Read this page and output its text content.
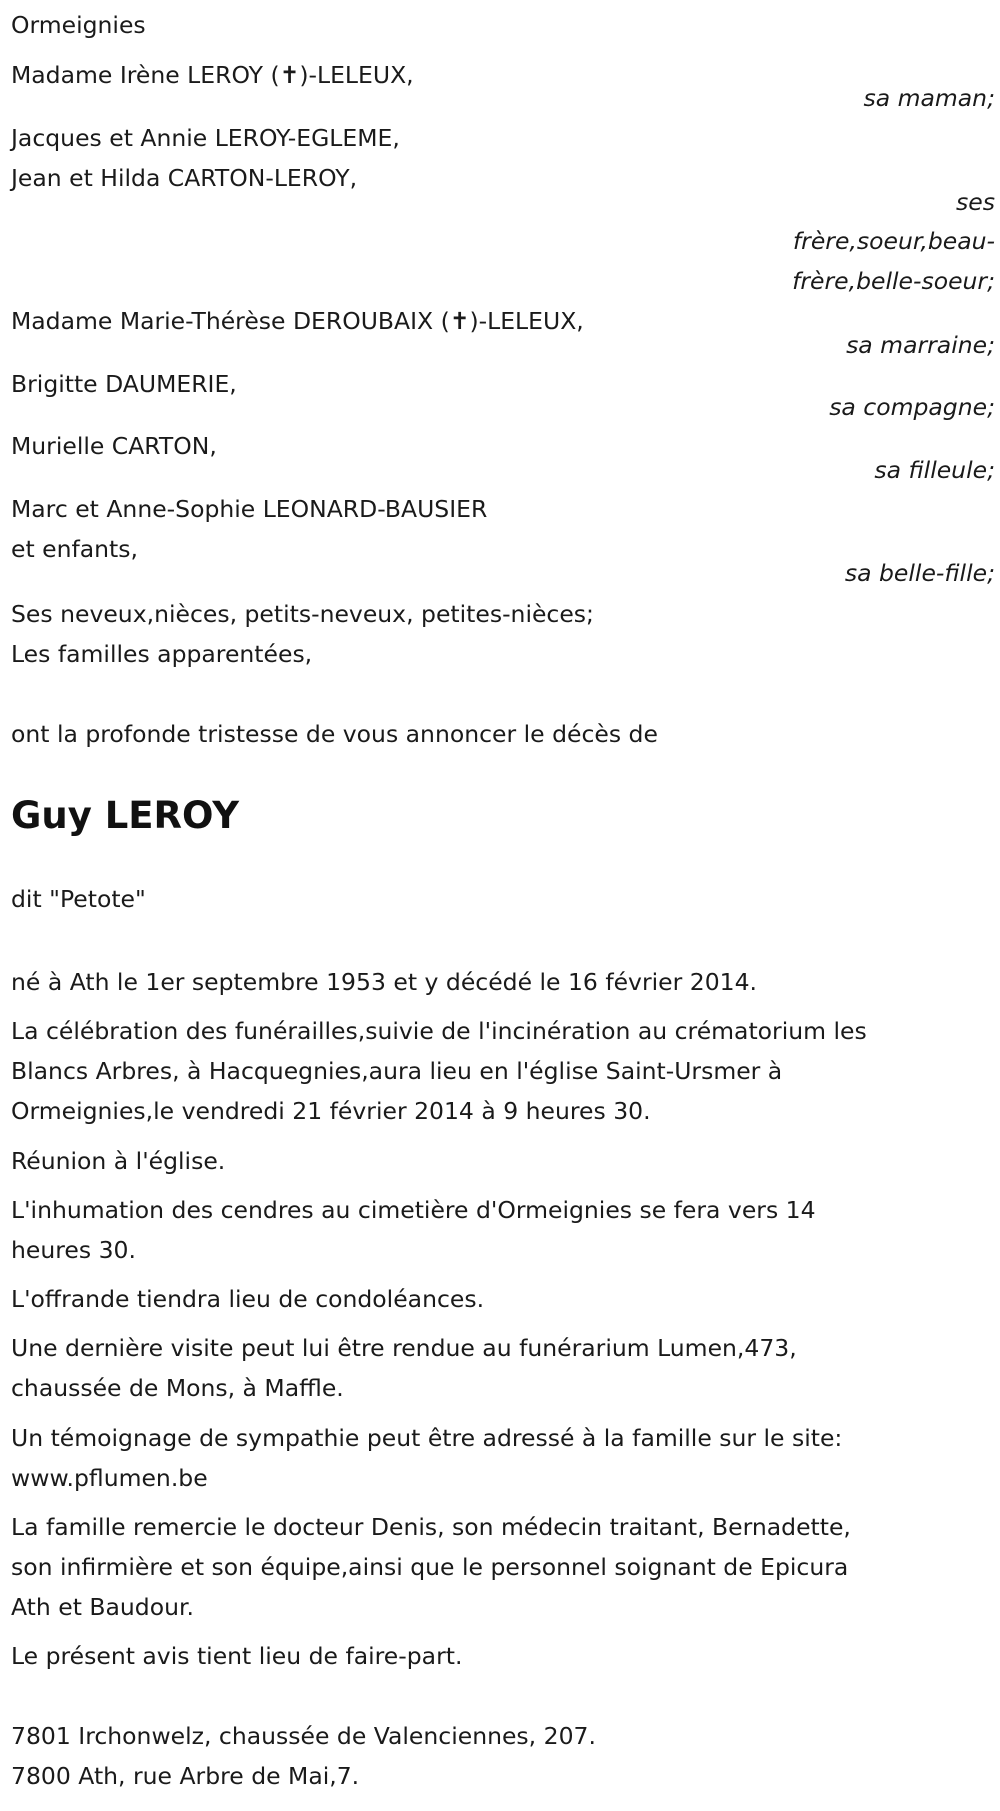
Ormeignies
Madame Irène LEROY (✝)-LELEUX,
sa maman;
Jacques et Annie LEROY-EGLEME,
Jean et Hilda CARTON-LEROY,
ses
frère,soeur,beau-
frère,belle-soeur;
Madame Marie-Thérèse DEROUBAIX (✝)-LELEUX,
sa marraine;
Brigitte DAUMERIE,
sa compagne;
Murielle CARTON,
sa filleule;
Marc et Anne-Sophie LEONARD-BAUSIER
et enfants,
sa belle-fille;
Ses neveux,nièces, petits-neveux, petites-nièces;
Les familles apparentées,
ont la profonde tristesse de vous annoncer le décès de
Guy LEROY
dit "Petote"
né à Ath le 1er septembre 1953 et y décédé le 16 février 2014.
La célébration des funérailles,suivie de l'incinération au crématorium les
Blancs Arbres, à Hacquegnies,aura lieu en l'église Saint-Ursmer à
Ormeignies,le vendredi 21 février 2014 à 9 heures 30.
Réunion à l'église.
L'inhumation des cendres au cimetière d'Ormeignies se fera vers 14
heures 30.
L'offrande tiendra lieu de condoléances.
Une dernière visite peut lui être rendue au funérarium Lumen,473,
chaussée de Mons, à Maffle.
Un témoignage de sympathie peut être adressé à la famille sur le site:
www.pflumen.be
La famille remercie le docteur Denis, son médecin traitant, Bernadette,
son infirmière et son équipe,ainsi que le personnel soignant de Epicura
Ath et Baudour.
Le présent avis tient lieu de faire-part.
7801 Irchonwelz, chaussée de Valenciennes, 207.
7800 Ath, rue Arbre de Mai,7.
